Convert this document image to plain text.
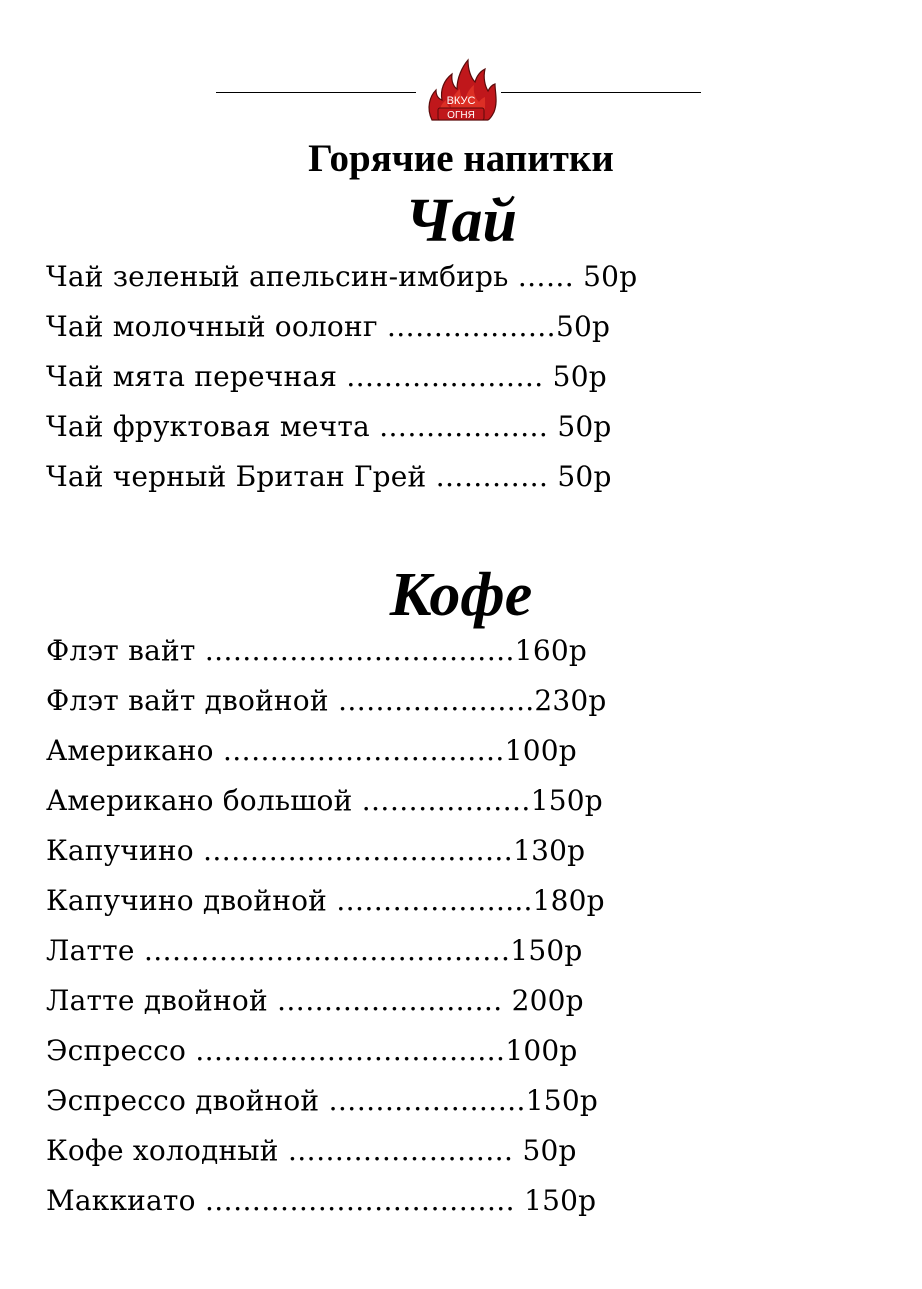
ВКУС
ОГНЯ
Горячие напитки
Чай
Чай зеленый апельсин-имбирь …… 50р
Чай молочный оолонг ………………50р
Чай мята перечная ………………… 50р
Чай фруктовая мечта ……………… 50р
Чай черный Британ Грей ………… 50р
Кофе
Флэт вайт ……………………………160р
Флэт вайт двойной …….…………..230р
Американо …………………………100р
Американо большой ………………150р
Капучино ……………………………130р
Капучино двойной ………………...180р
Латте …………………………………150р
Латте двойной …………………… 200р
Эспрессо ……………………………100р
Эспрессо двойной …………………150р
Кофе холодный …………………… 50р
Маккиато …………………………… 150р
